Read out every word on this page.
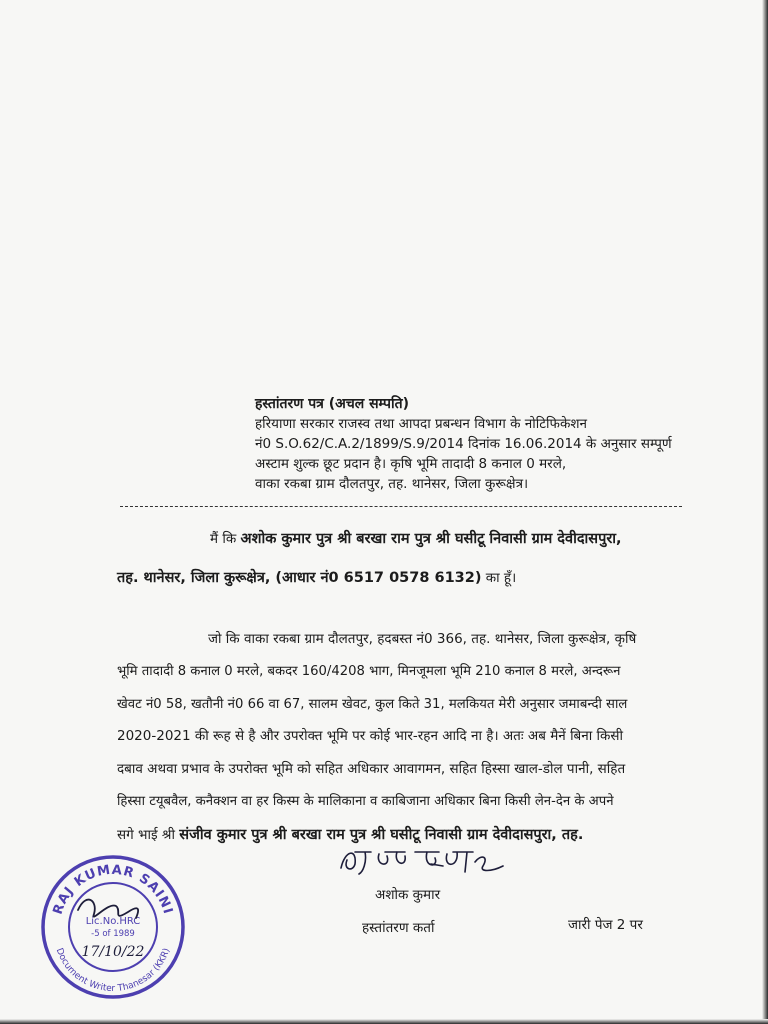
हस्तांतरण पत्र (अचल सम्पति)
हरियाणा सरकार राजस्व तथा आपदा प्रबन्धन विभाग के नोटिफिकेशन
नं0 S.O.62/C.A.2/1899/S.9/2014 दिनांक 16.06.2014 के अनुसार सम्पूर्ण
अस्टाम शुल्क छूट प्रदान है। कृषि भूमि तादादी 8 कनाल 0 मरले,
वाका रकबा ग्राम दौलतपुर, तह. थानेसर, जिला कुरूक्षेत्र।
मैं कि अशोक कुमार पुत्र श्री बरखा राम पुत्र श्री घसीटू निवासी ग्राम देवीदासपुरा,
तह. थानेसर, जिला कुरूक्षेत्र, (आधार नं0 6517 0578 6132) का हूँ।
जो कि वाका रकबा ग्राम दौलतपुर, हदबस्त नं0 366, तह. थानेसर, जिला कुरूक्षेत्र, कृषि
भूमि तादादी 8 कनाल 0 मरले, बकदर 160/4208 भाग, मिनजूमला भूमि 210 कनाल 8 मरले, अन्दरून
खेवट नं0 58, खतौनी नं0 66 वा 67, सालम खेवट, कुल किते 31, मलकियत मेरी अनुसार जमाबन्दी साल
2020-2021 की रूह से है और उपरोक्त भूमि पर कोई भार-रहन आदि ना है। अतः अब मैनें बिना किसी
दबाव अथवा प्रभाव के उपरोक्त भूमि को सहित अधिकार आवागमन, सहित हिस्सा खाल-डोल पानी, सहित
हिस्सा टयूबवैल, कनैक्शन वा हर किस्म के मालिकाना व काबिजाना अधिकार बिना किसी लेन-देन के अपने
सगे भाई श्री संजीव कुमार पुत्र श्री बरखा राम पुत्र श्री घसीटू निवासी ग्राम देवीदासपुरा, तह.
अशोक कुमार
अशोक कुमार
हस्तांतरण कर्ता	जारी पेज 2 पर
RAJ KUMAR SAINI
Document Writer Thanesar (KKR)
Lic.No.HRC
-5 of 1989
17/10/22
